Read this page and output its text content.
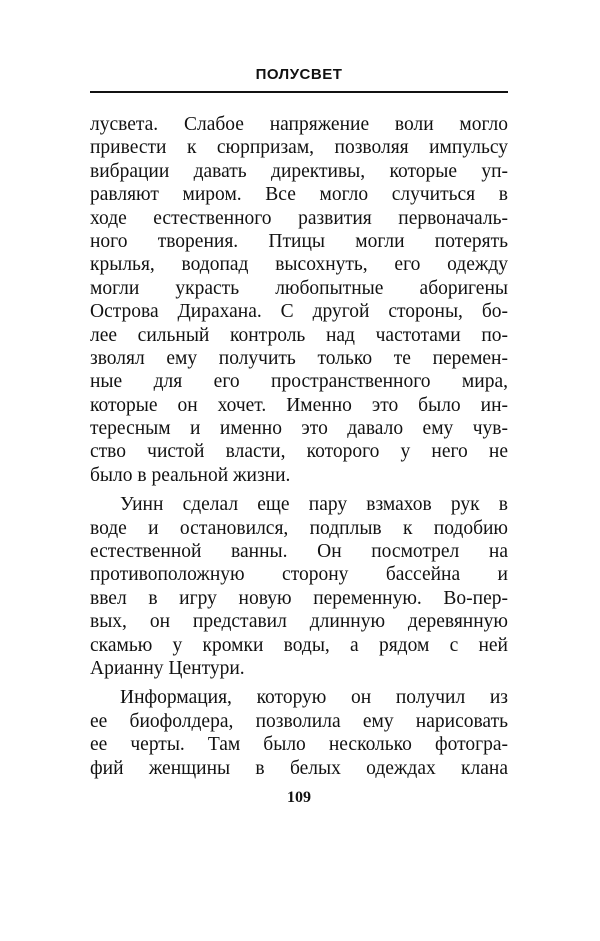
ПОЛУСВЕТ
лусвета. Слабое напряжение воли могло
привести к сюрпризам, позволяя импульсу
вибрации давать директивы, которые уп-
равляют миром. Все могло случиться в
ходе естественного развития первоначаль-
ного творения. Птицы могли потерять
крылья, водопад высохнуть, его одежду
могли украсть любопытные аборигены
Острова Дирахана. С другой стороны, бо-
лее сильный контроль над частотами по-
зволял ему получить только те перемен-
ные для его пространственного мира,
которые он хочет. Именно это было ин-
тересным и именно это давало ему чув-
ство чистой власти, которого у него не
было в реальной жизни.
Уинн сделал еще пару взмахов рук в
воде и остановился, подплыв к подобию
естественной ванны. Он посмотрел на
противоположную сторону бассейна и
ввел в игру новую переменную. Во-пер-
вых, он представил длинную деревянную
скамью у кромки воды, а рядом с ней
Арианну Центури.
Информация, которую он получил из
ее биофолдера, позволила ему нарисовать
ее черты. Там было несколько фотогра-
фий женщины в белых одеждах клана
109
